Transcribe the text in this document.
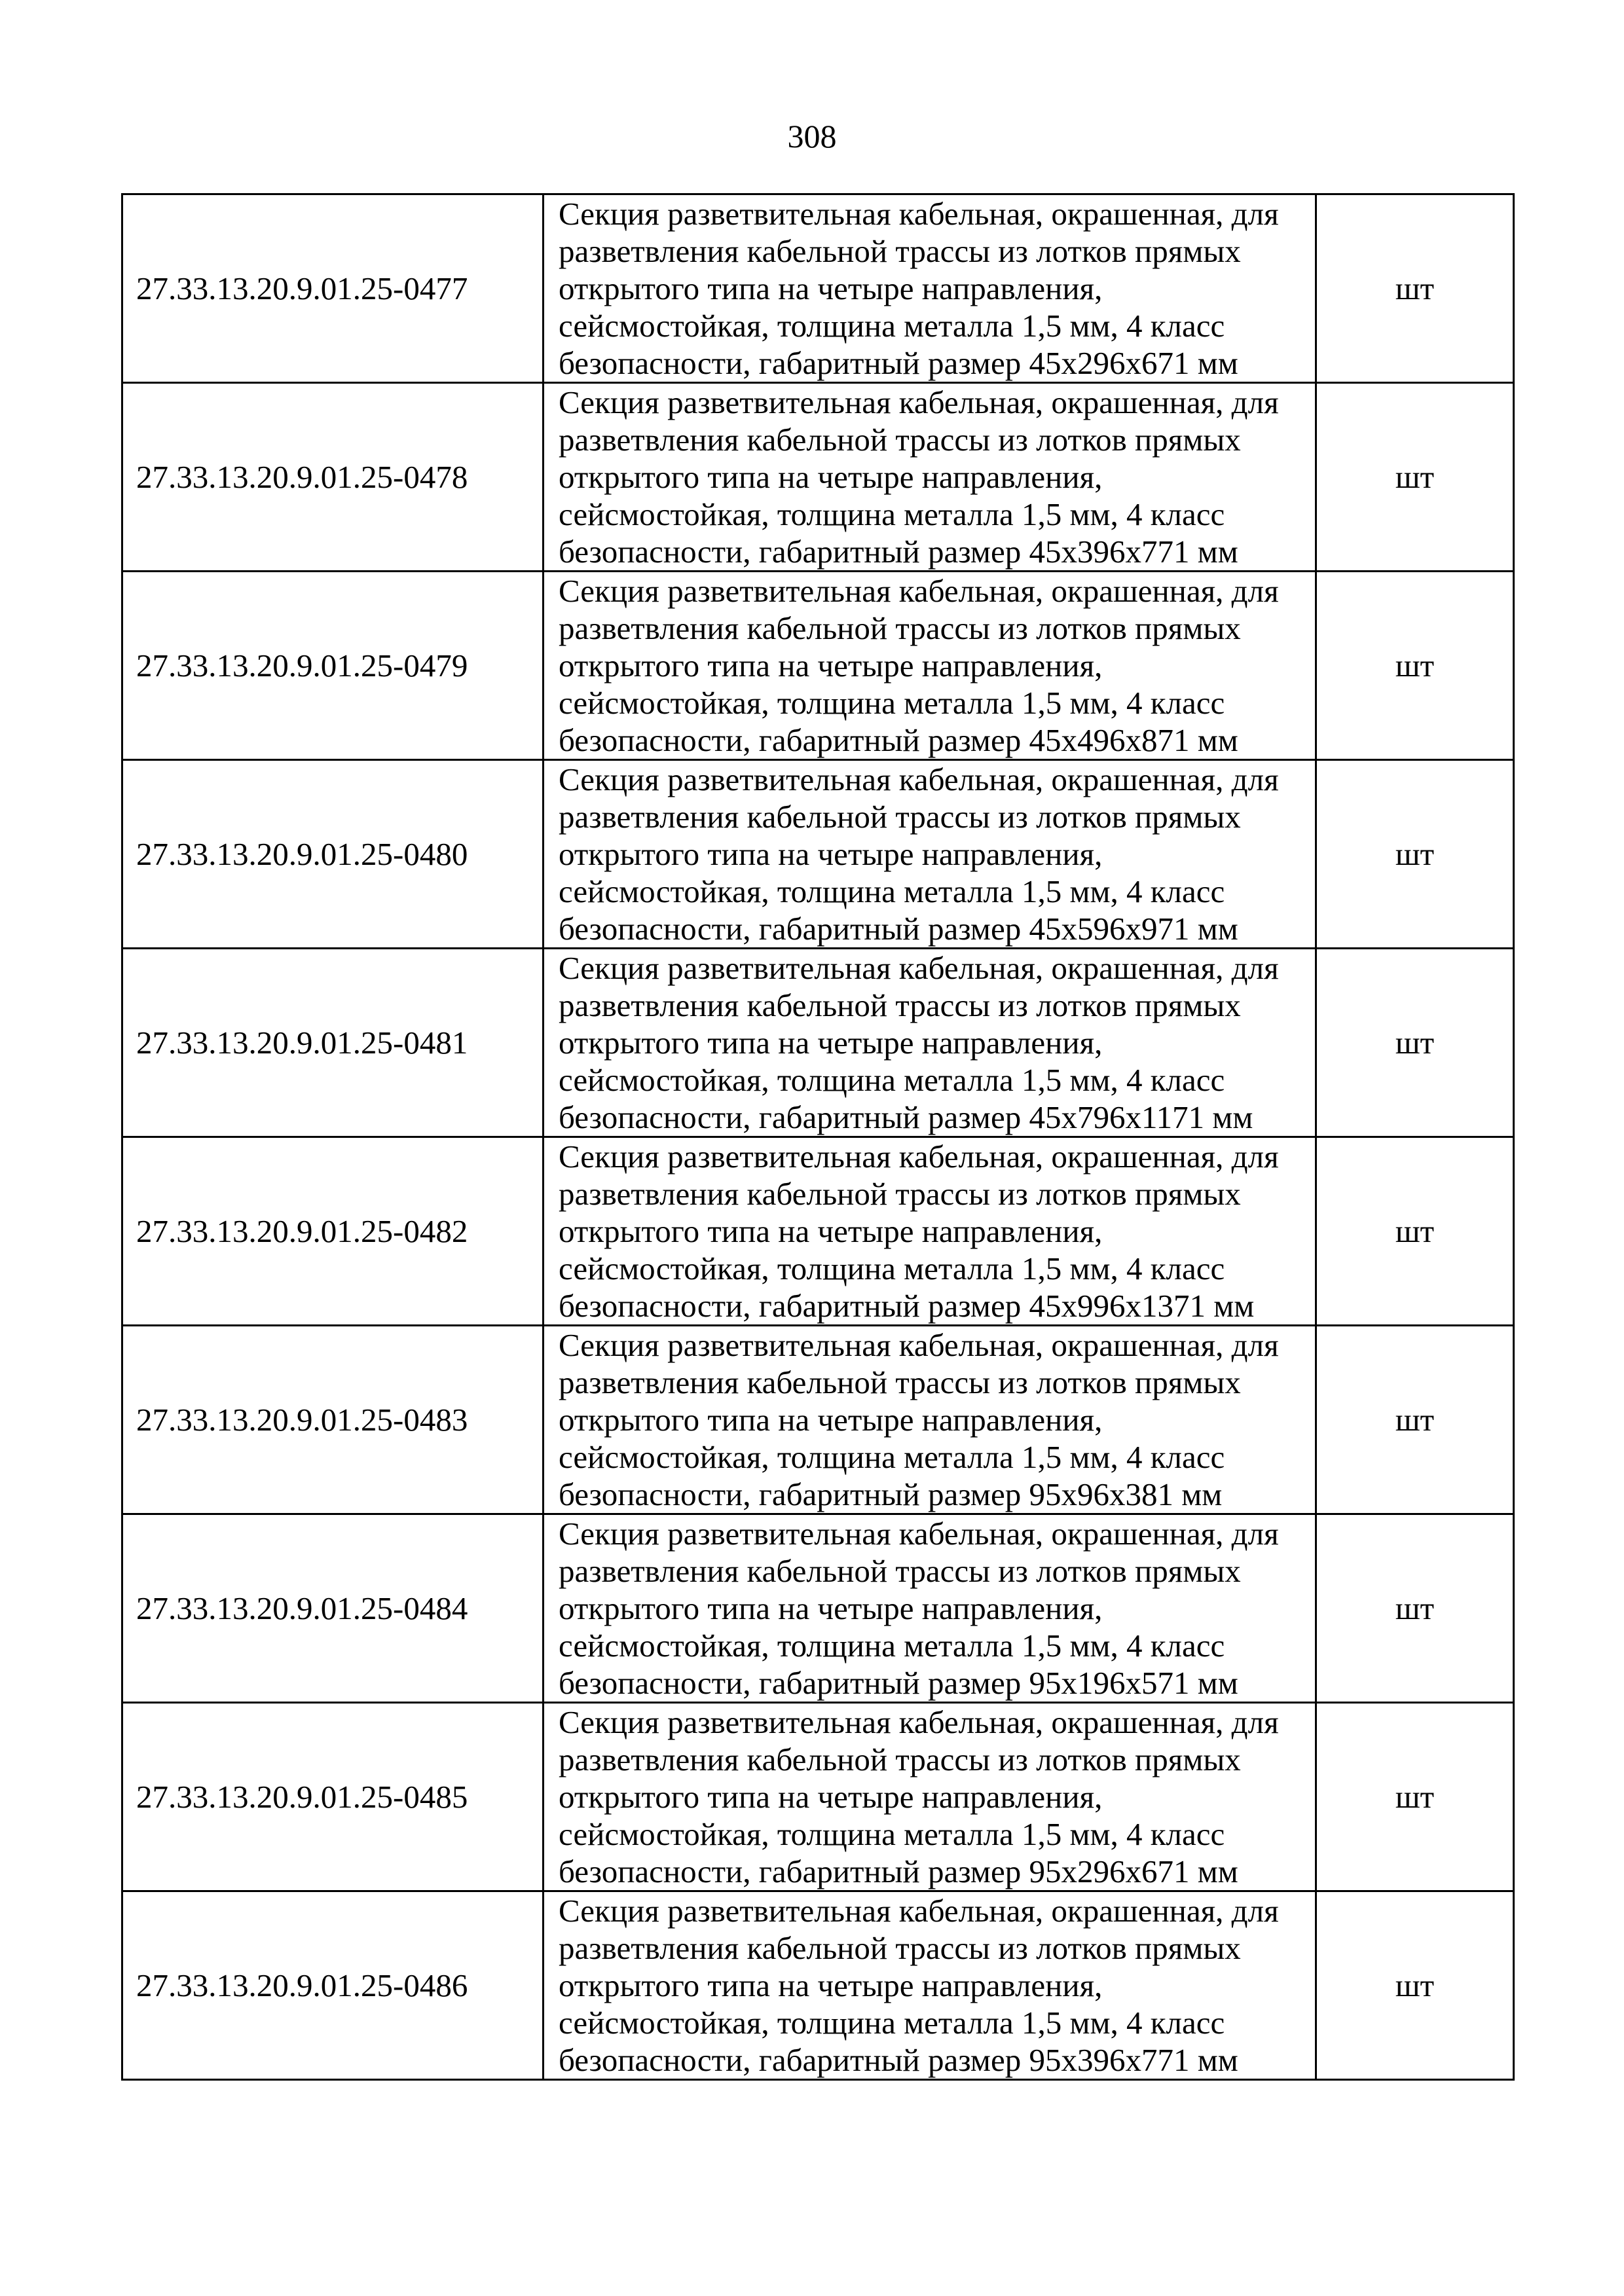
308
27.33.13.20.9.01.25-0477	Секция разветвительная кабельная, окрашенная, для
разветвления кабельной трассы из лотков прямых
открытого типа на четыре направления,
сейсмостойкая, толщина металла 1,5 мм, 4 класс
безопасности, габаритный размер 45х296х671 мм	шт
27.33.13.20.9.01.25-0478	Секция разветвительная кабельная, окрашенная, для
разветвления кабельной трассы из лотков прямых
открытого типа на четыре направления,
сейсмостойкая, толщина металла 1,5 мм, 4 класс
безопасности, габаритный размер 45х396х771 мм	шт
27.33.13.20.9.01.25-0479	Секция разветвительная кабельная, окрашенная, для
разветвления кабельной трассы из лотков прямых
открытого типа на четыре направления,
сейсмостойкая, толщина металла 1,5 мм, 4 класс
безопасности, габаритный размер 45х496х871 мм	шт
27.33.13.20.9.01.25-0480	Секция разветвительная кабельная, окрашенная, для
разветвления кабельной трассы из лотков прямых
открытого типа на четыре направления,
сейсмостойкая, толщина металла 1,5 мм, 4 класс
безопасности, габаритный размер 45х596х971 мм	шт
27.33.13.20.9.01.25-0481	Секция разветвительная кабельная, окрашенная, для
разветвления кабельной трассы из лотков прямых
открытого типа на четыре направления,
сейсмостойкая, толщина металла 1,5 мм, 4 класс
безопасности, габаритный размер 45х796х1171 мм	шт
27.33.13.20.9.01.25-0482	Секция разветвительная кабельная, окрашенная, для
разветвления кабельной трассы из лотков прямых
открытого типа на четыре направления,
сейсмостойкая, толщина металла 1,5 мм, 4 класс
безопасности, габаритный размер 45х996х1371 мм	шт
27.33.13.20.9.01.25-0483	Секция разветвительная кабельная, окрашенная, для
разветвления кабельной трассы из лотков прямых
открытого типа на четыре направления,
сейсмостойкая, толщина металла 1,5 мм, 4 класс
безопасности, габаритный размер 95х96х381 мм	шт
27.33.13.20.9.01.25-0484	Секция разветвительная кабельная, окрашенная, для
разветвления кабельной трассы из лотков прямых
открытого типа на четыре направления,
сейсмостойкая, толщина металла 1,5 мм, 4 класс
безопасности, габаритный размер 95х196х571 мм	шт
27.33.13.20.9.01.25-0485	Секция разветвительная кабельная, окрашенная, для
разветвления кабельной трассы из лотков прямых
открытого типа на четыре направления,
сейсмостойкая, толщина металла 1,5 мм, 4 класс
безопасности, габаритный размер 95х296х671 мм	шт
27.33.13.20.9.01.25-0486	Секция разветвительная кабельная, окрашенная, для
разветвления кабельной трассы из лотков прямых
открытого типа на четыре направления,
сейсмостойкая, толщина металла 1,5 мм, 4 класс
безопасности, габаритный размер 95х396х771 мм	шт
